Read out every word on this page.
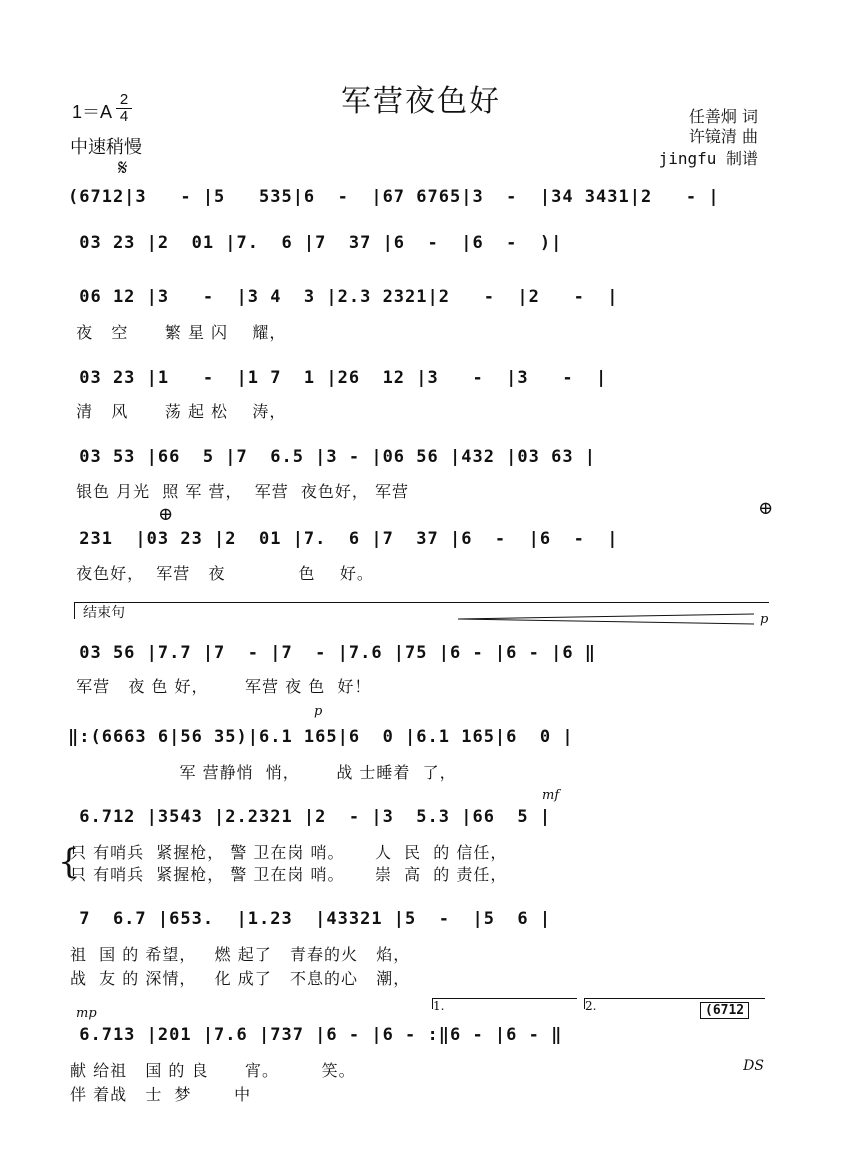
军营夜色好
1＝A
2
4
中速稍慢
𝄋
任善炯 词
许镜清 曲
jingfu 制谱
(6712|3   - |5   535|6  -  |67 6765|3  -  |34 3431|2   - |
03 23 |2  01 |7.  6 |7  37 |6  -  |6  -  )|
06 12 |3   -  |3 4  3 |2.3 2321|2   -  |2   -  |
夜   空      繁 星 闪    耀，
03 23 |1   -  |1 7  1 |26  12 |3   -  |3   -  |
清   风      荡 起 松    涛，
03 53 |66  5 |7  6.5 |3 - |06 56 |432 |03 63 |
银色 月光  照 军 营，  军营  夜色好， 军营
231  |03 23 |2  01 |7.  6 |7  37 |6  -  |6  -  |
夜色好，  军营   夜            色    好。
⊕	⊕
结束句	p
03 56 |7.7 |7  - |7  - |7.6 |75 |6 - |6 - |6 ‖
军营   夜 色 好，      军营 夜 色  好！
p
‖:(6663 6|56 35)|6.1 165|6  0 |6.1 165|6  0 |
军 营静悄  悄，      战 士睡着  了，
mf
6.712 |3543 |2.2321 |2  - |3  5.3 |66  5 |
{
只 有哨兵  紧握枪， 警 卫在岗 哨。     人  民  的 信任，
只 有哨兵  紧握枪， 警 卫在岗 哨。     崇  高  的 责任，
7  6.7 |653.  |1.23  |43321 |5  -  |5  6 |
祖  国 的 希望，   燃 起了   青春的火   焰，
战  友 的 深情，   化 成了   不息的心   潮，
1.	2.	(6712
mp
6.713 |201 |7.6 |737 |6 - |6 - :‖6 - |6 - ‖
献 给祖   国 的 良      宵。       笑。
伴 着战   士  梦       中
DS
